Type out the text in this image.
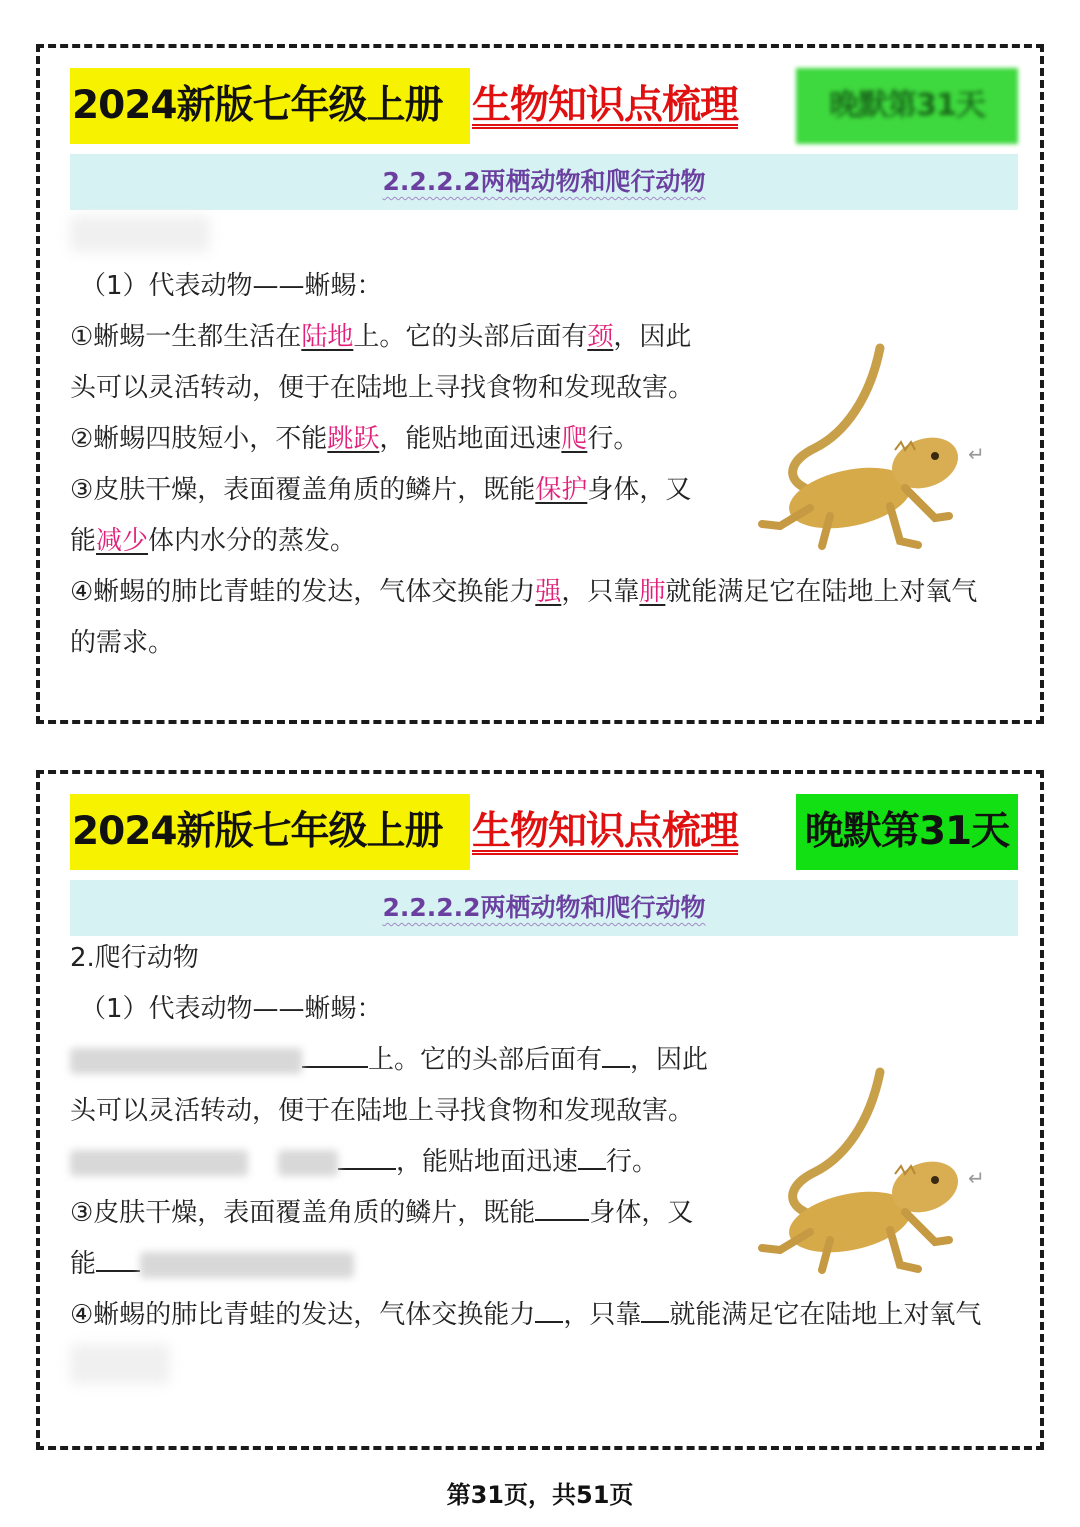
2024新版七年级上册 生物知识点梳理	晚默第31天
2.2.2.2两栖动物和爬行动物
（1）代表动物——蜥蜴：
①蜥蜴一生都生活在陆地上。它的头部后面有颈，因此
头可以灵活转动，便于在陆地上寻找食物和发现敌害。
②蜥蜴四肢短小，不能跳跃，能贴地面迅速爬行。
③皮肤干燥，表面覆盖角质的鳞片，既能保护身体，又
能减少体内水分的蒸发。
④蜥蜴的肺比青蛙的发达，气体交换能力强，只靠肺就能满足它在陆地上对氧气
的需求。
↵
2024新版七年级上册 生物知识点梳理	晚默第31天
2.2.2.2两栖动物和爬行动物
2.爬行动物
（1）代表动物——蜥蜴：
上。它的头部后面有 ，因此
头可以灵活转动，便于在陆地上寻找食物和发现敌害。
，能贴地面迅速 行。
③皮肤干燥，表面覆盖角质的鳞片，既能 身体，又
能
④蜥蜴的肺比青蛙的发达，气体交换能力 ，只靠 就能满足它在陆地上对氧气
↵
第31页，共51页
